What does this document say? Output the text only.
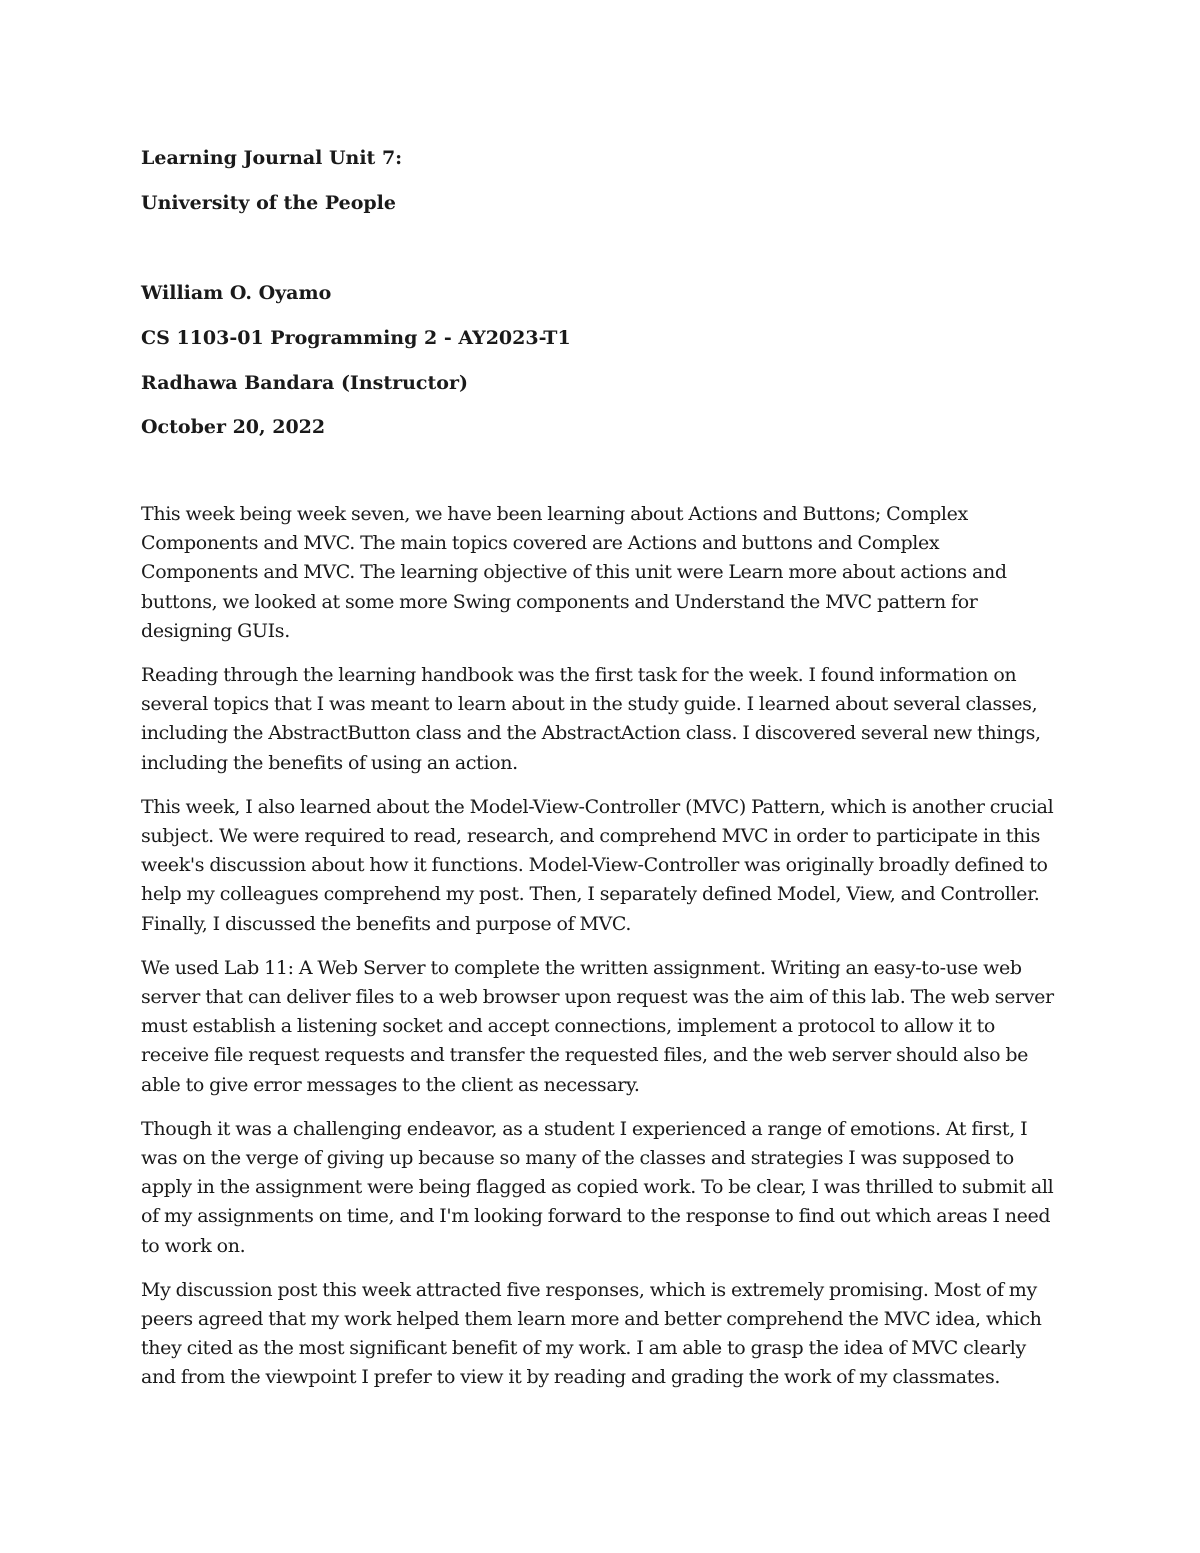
Learning Journal Unit 7:

University of the People

William O. Oyamo

CS 1103-01 Programming 2 - AY2023-T1

Radhawa Bandara (Instructor)

October 20, 2022

This week being week seven, we have been learning about Actions and Buttons; Complex Components and MVC. The main topics covered are Actions and buttons and Complex Components and MVC. The learning objective of this unit were Learn more about actions and buttons, we looked at some more Swing components and Understand the MVC pattern for designing GUIs.

Reading through the learning handbook was the first task for the week. I found information on several topics that I was meant to learn about in the study guide. I learned about several classes, including the AbstractButton class and the AbstractAction class. I discovered several new things, including the benefits of using an action.

This week, I also learned about the Model-View-Controller (MVC) Pattern, which is another crucial subject. We were required to read, research, and comprehend MVC in order to participate in this week's discussion about how it functions. Model-View-Controller was originally broadly defined to help my colleagues comprehend my post. Then, I separately defined Model, View, and Controller. Finally, I discussed the benefits and purpose of MVC.

We used Lab 11: A Web Server to complete the written assignment. Writing an easy-to-use web server that can deliver files to a web browser upon request was the aim of this lab. The web server must establish a listening socket and accept connections, implement a protocol to allow it to receive file request requests and transfer the requested files, and the web server should also be able to give error messages to the client as necessary.

Though it was a challenging endeavor, as a student I experienced a range of emotions. At first, I was on the verge of giving up because so many of the classes and strategies I was supposed to apply in the assignment were being flagged as copied work. To be clear, I was thrilled to submit all of my assignments on time, and I'm looking forward to the response to find out which areas I need to work on.

My discussion post this week attracted five responses, which is extremely promising. Most of my peers agreed that my work helped them learn more and better comprehend the MVC idea, which they cited as the most significant benefit of my work. I am able to grasp the idea of MVC clearly and from the viewpoint I prefer to view it by reading and grading the work of my classmates.
